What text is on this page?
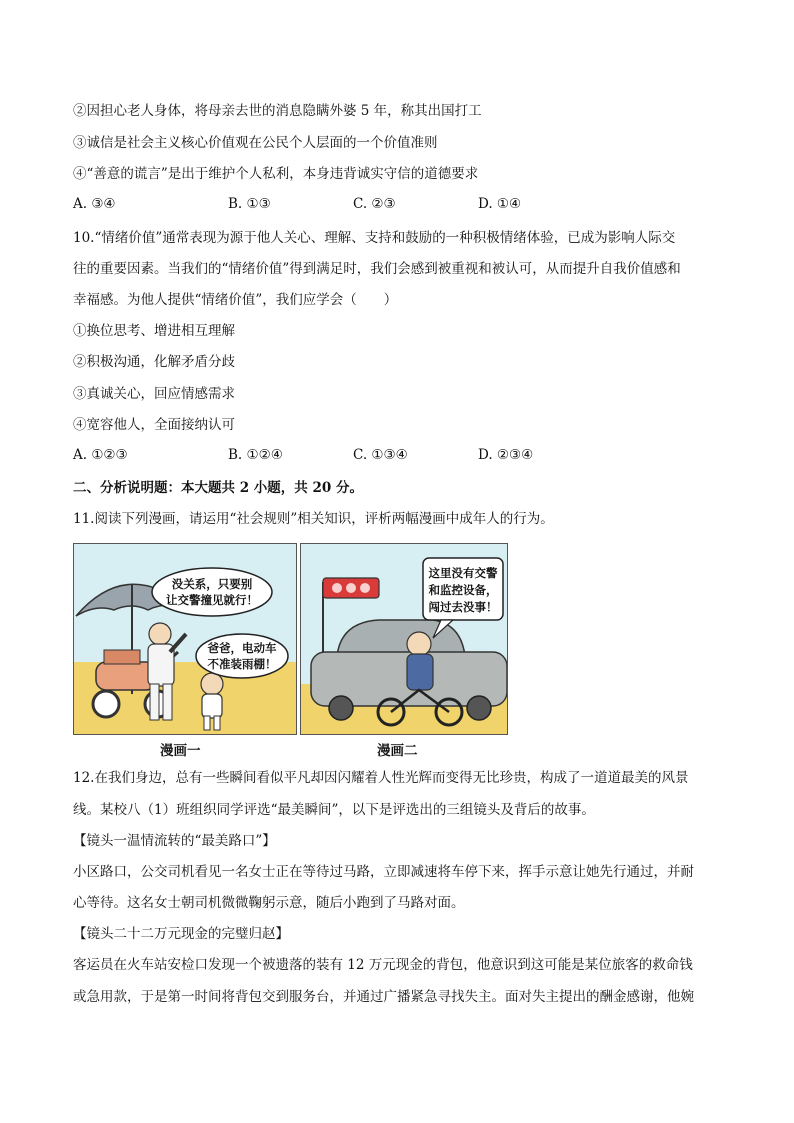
②因担心老人身体，将母亲去世的消息隐瞒外婆 5 年，称其出国打工
③诚信是社会主义核心价值观在公民个人层面的一个价值准则
④“善意的谎言”是出于维护个人私利，本身违背诚实守信的道德要求
A. ③④	B. ①③	C. ②③	D. ①④
10.“情绪价值”通常表现为源于他人关心、理解、支持和鼓励的一种积极情绪体验，已成为影响人际交
往的重要因素。当我们的“情绪价值”得到满足时，我们会感到被重视和被认可，从而提升自我价值感和
幸福感。为他人提供“情绪价值”，我们应学会（　　）
①换位思考、增进相互理解
②积极沟通，化解矛盾分歧
③真诚关心，回应情感需求
④宽容他人，全面接纳认可
A. ①②③	B. ①②④	C. ①③④	D. ②③④
二、分析说明题：本大题共 2 小题，共 20 分。
11.阅读下列漫画，请运用“社会规则”相关知识，评析两幅漫画中成年人的行为。
没关系，只要别
让交警撞见就行！
爸爸，电动车
不准装雨棚！
这里没有交警
和监控设备，
闯过去没事！
漫画一	漫画二
12.在我们身边，总有一些瞬间看似平凡却因闪耀着人性光辉而变得无比珍贵，构成了一道道最美的风景
线。某校八（1）班组织同学评选“最美瞬间”，以下是评选出的三组镜头及背后的故事。
【镜头一温情流转的“最美路口”】
小区路口，公交司机看见一名女士正在等待过马路，立即减速将车停下来，挥手示意让她先行通过，并耐
心等待。这名女士朝司机微微鞠躬示意，随后小跑到了马路对面。
【镜头二十二万元现金的完璧归赵】
客运员在火车站安检口发现一个被遗落的装有 12 万元现金的背包，他意识到这可能是某位旅客的救命钱
或急用款，于是第一时间将背包交到服务台，并通过广播紧急寻找失主。面对失主提出的酬金感谢，他婉
